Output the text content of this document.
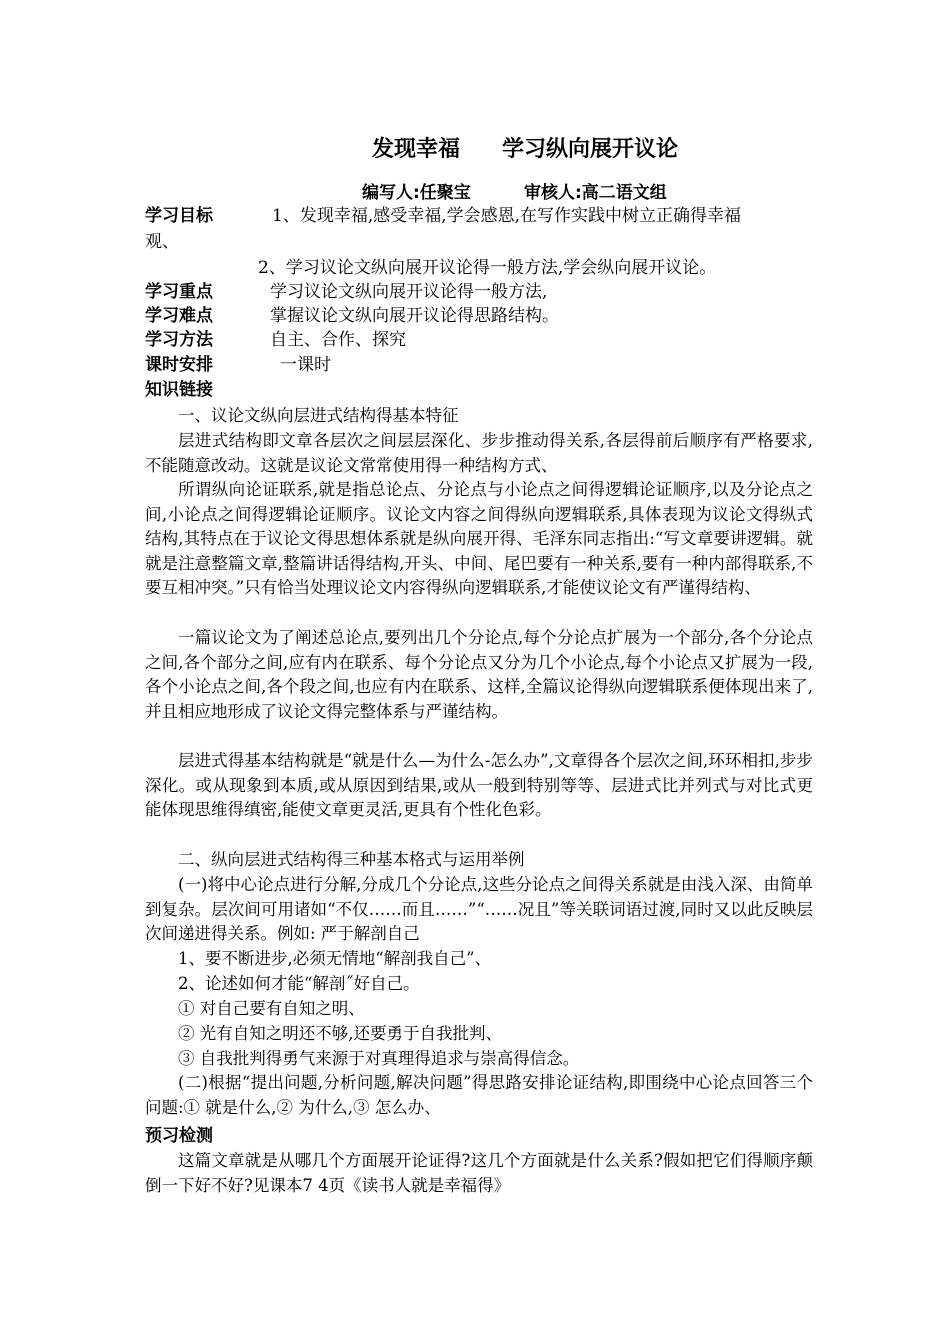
发现幸福 学习纵向展开议论
编写人:任聚宝	审核人:高二语文组
学习目标	1、发现幸福,感受幸福,学会感恩,在写作实践中树立正确得幸福
观、
2、学习议论文纵向展开议论得一般方法,学会纵向展开议论。
学习重点	学习议论文纵向展开议论得一般方法,
学习难点	掌握议论文纵向展开议论得思路结构。
学习方法	自主、合作、探究
课时安排	一课时
知识链接
一、议论文纵向层进式结构得基本特征
层进式结构即文章各层次之间层层深化、步步推动得关系,各层得前后顺序有严格要求,不能随意改动。这就是议论文常常使用得一种结构方式、
所谓纵向论证联系,就是指总论点、分论点与小论点之间得逻辑论证顺序,以及分论点之间,小论点之间得逻辑论证顺序。议论文内容之间得纵向逻辑联系,具体表现为议论文得纵式结构,其特点在于议论文得思想体系就是纵向展开得、毛泽东同志指出:“写文章要讲逻辑。就就是注意整篇文章,整篇讲话得结构,开头、中间、尾巴要有一种关系,要有一种内部得联系,不要互相冲突。”只有恰当处理议论文内容得纵向逻辑联系,才能使议论文有严谨得结构、
一篇议论文为了阐述总论点,要列出几个分论点,每个分论点扩展为一个部分,各个分论点之间,各个部分之间,应有内在联系、每个分论点又分为几个小论点,每个小论点又扩展为一段,各个小论点之间,各个段之间,也应有内在联系、这样,全篇议论得纵向逻辑联系便体现出来了,并且相应地形成了议论文得完整体系与严谨结构。
层进式得基本结构就是“就是什么—为什么-怎么办”,文章得各个层次之间,环环相扣,步步深化。或从现象到本质,或从原因到结果,或从一般到特别等等、层进式比并列式与对比式更能体现思维得缜密,能使文章更灵活,更具有个性化色彩。
二、纵向层进式结构得三种基本格式与运用举例
(一)将中心论点进行分解,分成几个分论点,这些分论点之间得关系就是由浅入深、由简单到复杂。层次间可用诸如“不仅……而且……”“……况且”等关联词语过渡,同时又以此反映层次间递进得关系。例如: 严于解剖自己
1、要不断进步,必须无情地“解剖我自己”、
2、论述如何才能“解剖˝好自己。
① 对自己要有自知之明、
② 光有自知之明还不够,还要勇于自我批判、
③ 自我批判得勇气来源于对真理得追求与崇高得信念。
(二)根据“提出问题,分析问题,解决问题”得思路安排论证结构,即围绕中心论点回答三个问题:① 就是什么,② 为什么,③ 怎么办、
预习检测
这篇文章就是从哪几个方面展开论证得?这几个方面就是什么关系?假如把它们得顺序颠倒一下好不好?见课本7 4页《读书人就是幸福得》
